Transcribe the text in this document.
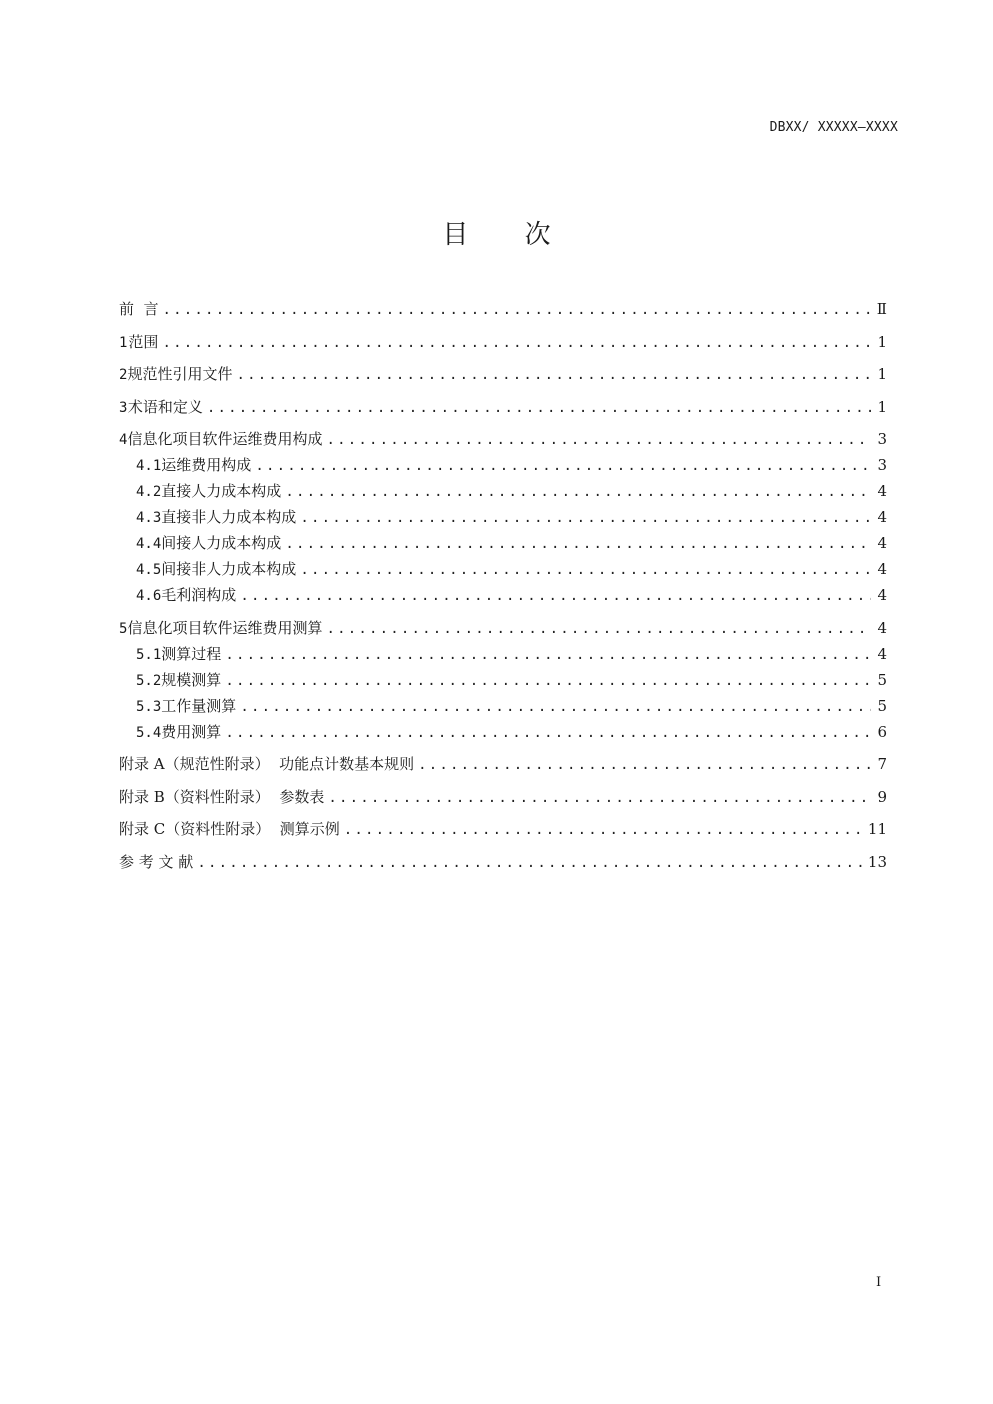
DBXX/ XXXXX—XXXX
目 次
前  言 .....	Ⅱ
1 范围 .....	1
2 规范性引用文件 .....	1
3 术语和定义 .....	1
4 信息化项目软件运维费用构成 .....	3
4.1 运维费用构成 .....	3
4.2 直接人力成本构成 .....	4
4.3 直接非人力成本构成 .....	4
4.4 间接人力成本构成 .....	4
4.5 间接非人力成本构成 .....	4
4.6 毛利润构成 .....	4
5 信息化项目软件运维费用测算 .....	4
5.1 测算过程 .....	4
5.2 规模测算 .....	5
5.3 工作量测算 .....	5
5.4 费用测算 .....	6
附录 A（规范性附录）  功能点计数基本规则 .....	7
附录 B（资料性附录）  参数表 .....	9
附录 C（资料性附录）  测算示例 .....	11
参 考 文 献 .....	13
I
